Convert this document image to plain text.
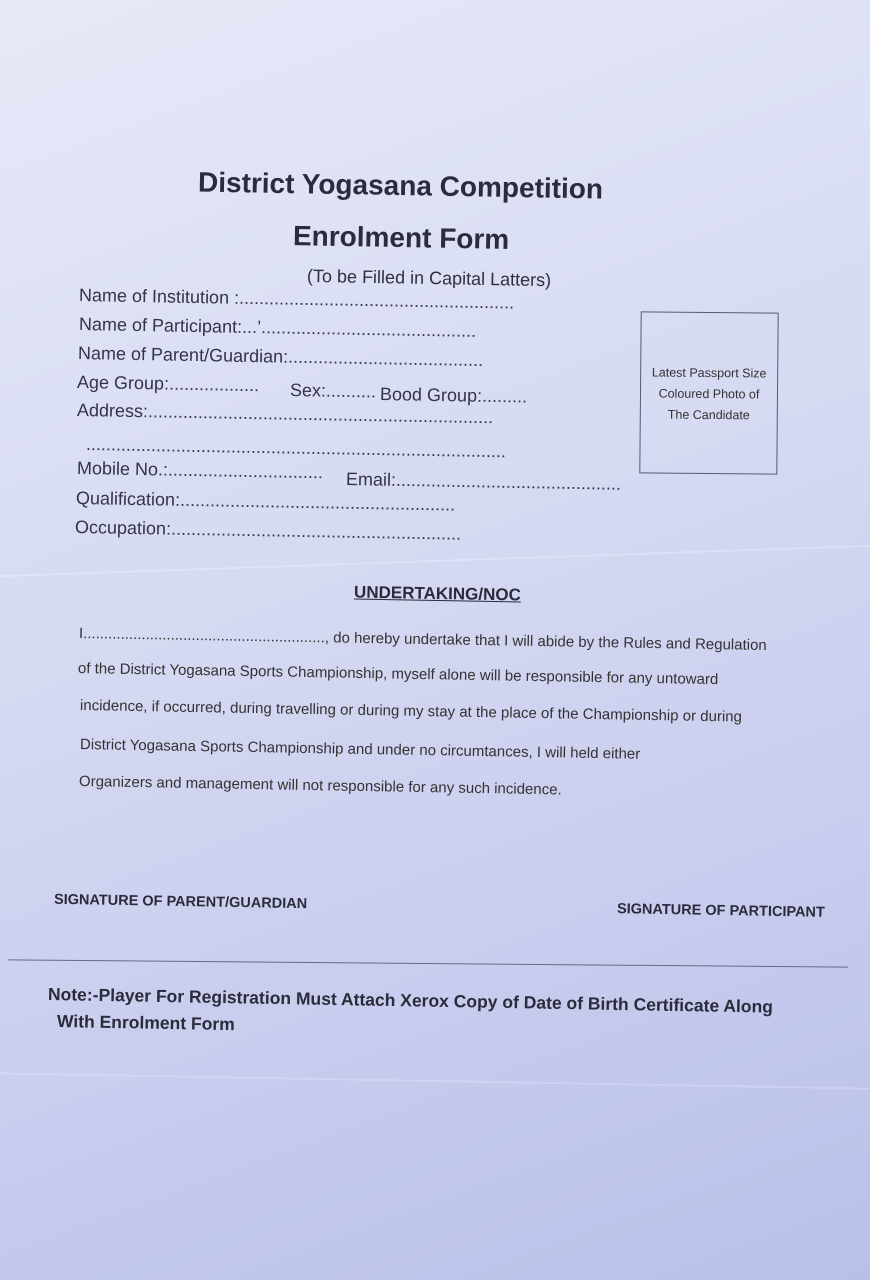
District Yogasana Competition
Enrolment Form
(To be Filled in Capital Latters)
Name of Institution :.......................................................
Name of Participant:...’...........................................
Name of Parent/Guardian:.......................................
Age Group:.................. Sex:.......... Bood Group:.........
Address:.....................................................................
....................................................................................
Mobile No.:............................... Email:.............................................
Qualification:.......................................................
Occupation:..........................................................
Latest Passport Size
Coloured Photo of
The Candidate
UNDERTAKING/NOC
I.........................................................., do hereby undertake that I will abide by the Rules and Regulation
of the District Yogasana Sports Championship, myself alone will be responsible for any untoward
incidence, if occurred, during travelling or during my stay at the place of the Championship or during
District Yogasana Sports Championship and under no circumtances, I will held either
Organizers and management will not responsible for any such incidence.
SIGNATURE OF PARENT/GUARDIAN	SIGNATURE OF PARTICIPANT
Note:-Player For Registration Must Attach Xerox Copy of Date of Birth Certificate Along
With Enrolment Form
